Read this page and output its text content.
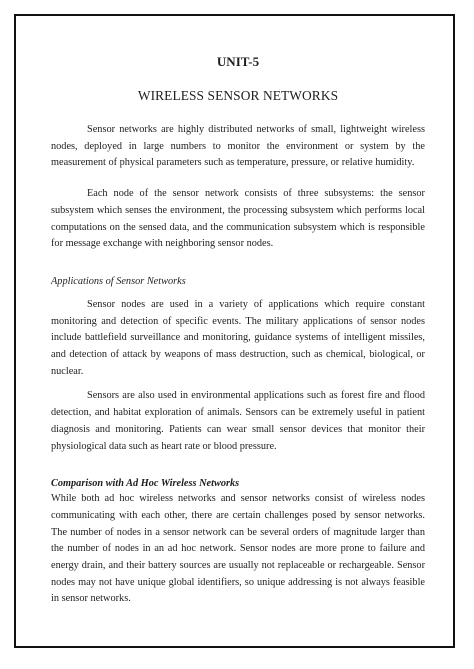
UNIT-5
WIRELESS SENSOR NETWORKS

Sensor networks are highly distributed networks of small, lightweight wireless nodes, deployed in large numbers to monitor the environment or system by the measurement of physical parameters such as temperature, pressure, or relative humidity.

Each node of the sensor network consists of three subsystems: the sensor subsystem which senses the environment, the processing subsystem which performs local computations on the sensed data, and the communication subsystem which is responsible for message exchange with neighboring sensor nodes.

Applications of Sensor Networks

Sensor nodes are used in a variety of applications which require constant monitoring and detection of specific events. The military applications of sensor nodes include battlefield surveillance and monitoring, guidance systems of intelligent missiles, and detection of attack by weapons of mass destruction, such as chemical, biological, or nuclear.

Sensors are also used in environmental applications such as forest fire and flood detection, and habitat exploration of animals. Sensors can be extremely useful in patient diagnosis and monitoring. Patients can wear small sensor devices that monitor their physiological data such as heart rate or blood pressure.

Comparison with Ad Hoc Wireless Networks

While both ad hoc wireless networks and sensor networks consist of wireless nodes communicating with each other, there are certain challenges posed by sensor networks. The number of nodes in a sensor network can be several orders of magnitude larger than the number of nodes in an ad hoc network. Sensor nodes are more prone to failure and energy drain, and their battery sources are usually not replaceable or rechargeable. Sensor nodes may not have unique global identifiers, so unique addressing is not always feasible in sensor networks.
